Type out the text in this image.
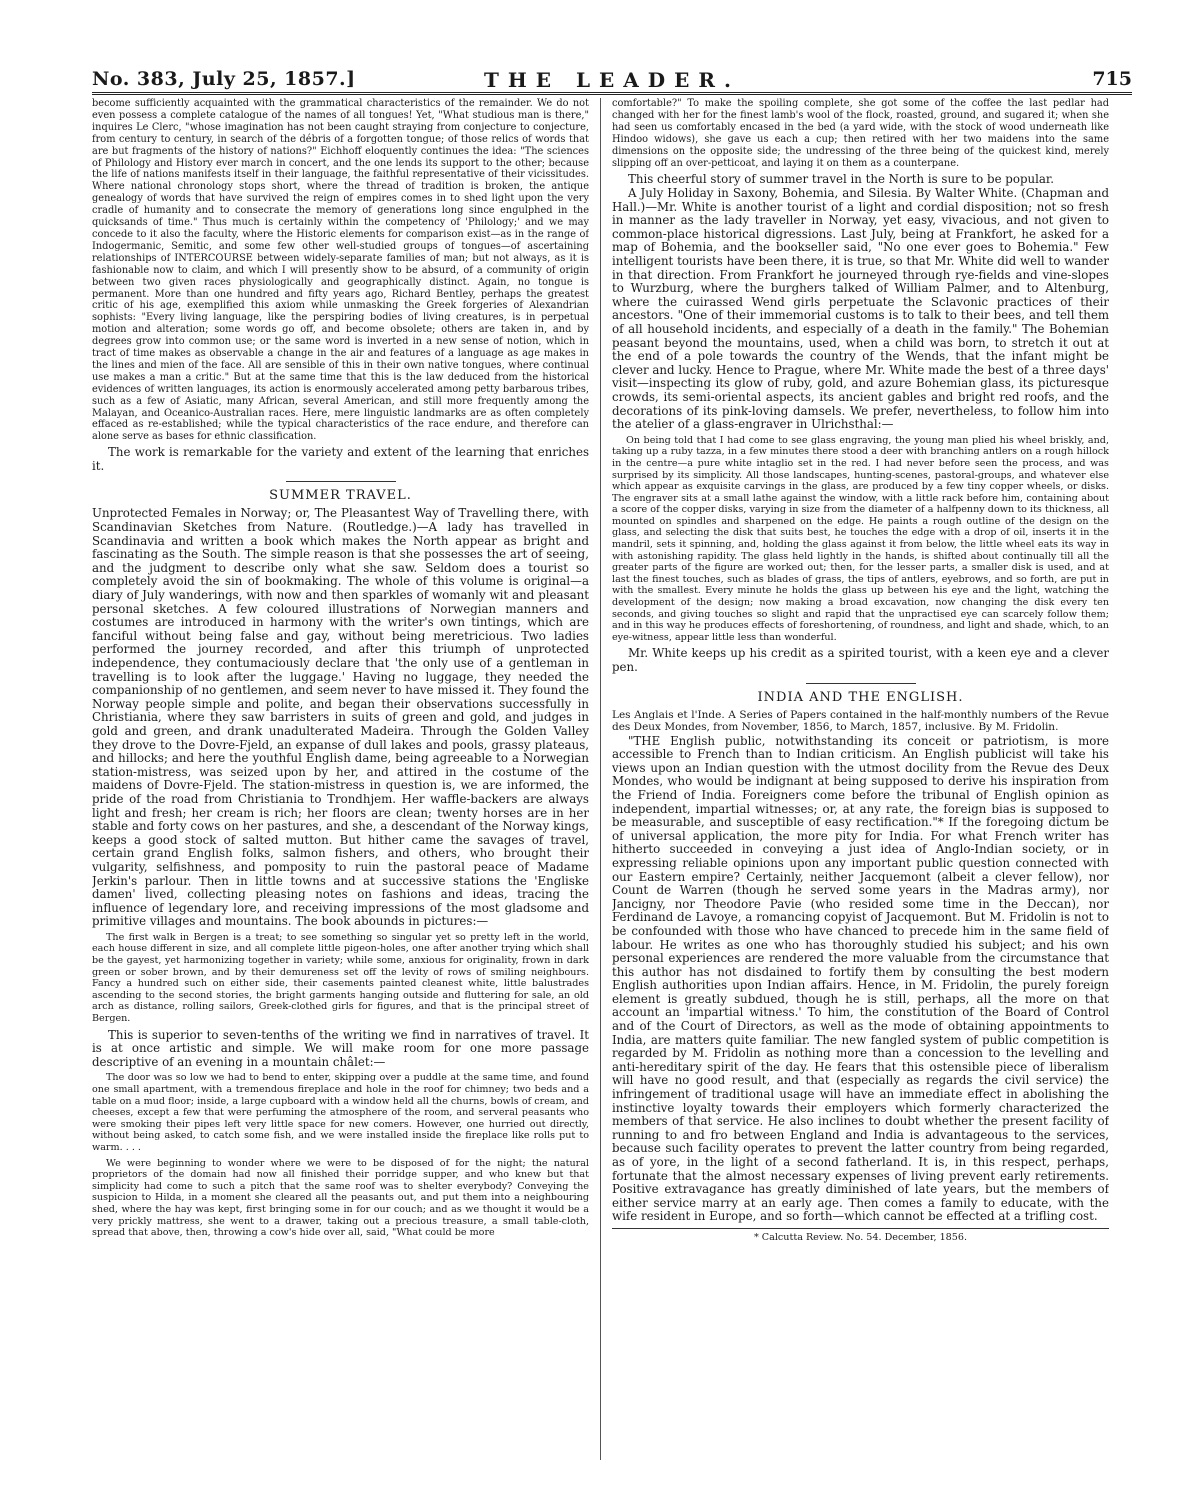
No. 383, July 25, 1857.]	THE LEADER.	715

become sufficiently acquainted with the grammatical characteristics of the remainder. We do not even possess a complete catalogue of the names of all tongues! Yet, "What studious man is there," inquires Le Clerc, "whose imagination has not been caught straying from conjecture to conjecture, from century to century, in search of the débris of a forgotten tongue; of those relics of words that are but fragments of the history of nations?" Eichhoff eloquently continues the idea: "The sciences of Philology and History ever march in concert, and the one lends its support to the other; because the life of nations manifests itself in their language, the faithful representative of their vicissitudes. Where national chronology stops short, where the thread of tradition is broken, the antique genealogy of words that have survived the reign of empires comes in to shed light upon the very cradle of humanity and to consecrate the memory of generations long since engulphed in the quicksands of time." Thus much is certainly within the competency of 'Philology;' and we may concede to it also the faculty, where the Historic elements for comparison exist—as in the range of Indogermanic, Semitic, and some few other well-studied groups of tongues—of ascertaining relationships of INTERCOURSE between widely-separate families of man; but not always, as it is fashionable now to claim, and which I will presently show to be absurd, of a community of origin between two given races physiologically and geographically distinct. Again, no tongue is permanent. More than one hundred and fifty years ago, Richard Bentley, perhaps the greatest critic of his age, exemplified this axiom while unmasking the Greek forgeries of Alexandrian sophists: "Every living language, like the perspiring bodies of living creatures, is in perpetual motion and alteration; some words go off, and become obsolete; others are taken in, and by degrees grow into common use; or the same word is inverted in a new sense of notion, which in tract of time makes as observable a change in the air and features of a language as age makes in the lines and mien of the face. All are sensible of this in their own native tongues, where continual use makes a man a critic." But at the same time that this is the law deduced from the historical evidences of written languages, its action is enormously accelerated among petty barbarous tribes, such as a few of Asiatic, many African, several American, and still more frequently among the Malayan, and Oceanico-Australian races. Here, mere linguistic landmarks are as often completely effaced as re-established; while the typical characteristics of the race endure, and therefore can alone serve as bases for ethnic classification.

The work is remarkable for the variety and extent of the learning that enriches it.

SUMMER TRAVEL.

Unprotected Females in Norway; or, The Pleasantest Way of Travelling there, with Scandinavian Sketches from Nature. (Routledge.)—A lady has travelled in Scandinavia and written a book which makes the North appear as bright and fascinating as the South. The simple reason is that she possesses the art of seeing, and the judgment to describe only what she saw. Seldom does a tourist so completely avoid the sin of bookmaking. The whole of this volume is original—a diary of July wanderings, with now and then sparkles of womanly wit and pleasant personal sketches. A few coloured illustrations of Norwegian manners and costumes are introduced in harmony with the writer's own tintings, which are fanciful without being false and gay, without being meretricious. Two ladies performed the journey recorded, and after this triumph of unprotected independence, they contumaciously declare that 'the only use of a gentleman in travelling is to look after the luggage.' Having no luggage, they needed the companionship of no gentlemen, and seem never to have missed it. They found the Norway people simple and polite, and began their observations successfully in Christiania, where they saw barristers in suits of green and gold, and judges in gold and green, and drank unadulterated Madeira. Through the Golden Valley they drove to the Dovre-Fjeld, an expanse of dull lakes and pools, grassy plateaus, and hillocks; and here the youthful English dame, being agreeable to a Norwegian station-mistress, was seized upon by her, and attired in the costume of the maidens of Dovre-Fjeld. The station-mistress in question is, we are informed, the pride of the road from Christiania to Trondhjem. Her waffle-backers are always light and fresh; her cream is rich; her floors are clean; twenty horses are in her stable and forty cows on her pastures, and she, a descendant of the Norway kings, keeps a good stock of salted mutton. But hither came the savages of travel, certain grand English folks, salmon fishers, and others, who brought their vulgarity, selfishness, and pomposity to ruin the pastoral peace of Madame Jerkin's parlour. Then in little towns and at successive stations the 'Engliske damen' lived, collecting pleasing notes on fashions and ideas, tracing the influence of legendary lore, and receiving impressions of the most gladsome and primitive villages and mountains. The book abounds in pictures:—

The first walk in Bergen is a treat; to see something so singular yet so pretty left in the world, each house different in size, and all complete little pigeon-holes, one after another trying which shall be the gayest, yet harmonizing together in variety; while some, anxious for originality, frown in dark green or sober brown, and by their demureness set off the levity of rows of smiling neighbours. Fancy a hundred such on either side, their casements painted cleanest white, little balustrades ascending to the second stories, the bright garments hanging outside and fluttering for sale, an old arch as distance, rolling sailors, Greek-clothed girls for figures, and that is the principal street of Bergen.

This is superior to seven-tenths of the writing we find in narratives of travel. It is at once artistic and simple. We will make room for one more passage descriptive of an evening in a mountain châlet:—

The door was so low we had to bend to enter, skipping over a puddle at the same time, and found one small apartment, with a tremendous fireplace and hole in the roof for chimney; two beds and a table on a mud floor; inside, a large cupboard with a window held all the churns, bowls of cream, and cheeses, except a few that were perfuming the atmosphere of the room, and serveral peasants who were smoking their pipes left very little space for new comers. However, one hurried out directly, without being asked, to catch some fish, and we were installed inside the fireplace like rolls put to warm. . . .

We were beginning to wonder where we were to be disposed of for the night; the natural proprietors of the domain had now all finished their porridge supper, and who knew but that simplicity had come to such a pitch that the same roof was to shelter everybody? Conveying the suspicion to Hilda, in a moment she cleared all the peasants out, and put them into a neighbouring shed, where the hay was kept, first bringing some in for our couch; and as we thought it would be a very prickly mattress, she went to a drawer, taking out a precious treasure, a small table-cloth, spread that above, then, throwing a cow's hide over all, said, "What could be more

comfortable?" To make the spoiling complete, she got some of the coffee the last pedlar had changed with her for the finest lamb's wool of the flock, roasted, ground, and sugared it; when she had seen us comfortably encased in the bed (a yard wide, with the stock of wood underneath like Hindoo widows), she gave us each a cup; then retired with her two maidens into the same dimensions on the opposite side; the undressing of the three being of the quickest kind, merely slipping off an over-petticoat, and laying it on them as a counterpane.

This cheerful story of summer travel in the North is sure to be popular.

A July Holiday in Saxony, Bohemia, and Silesia. By Walter White. (Chapman and Hall.)—Mr. White is another tourist of a light and cordial disposition; not so fresh in manner as the lady traveller in Norway, yet easy, vivacious, and not given to common-place historical digressions. Last July, being at Frankfort, he asked for a map of Bohemia, and the bookseller said, "No one ever goes to Bohemia." Few intelligent tourists have been there, it is true, so that Mr. White did well to wander in that direction. From Frankfort he journeyed through rye-fields and vine-slopes to Wurzburg, where the burghers talked of William Palmer, and to Altenburg, where the cuirassed Wend girls perpetuate the Sclavonic practices of their ancestors. "One of their immemorial customs is to talk to their bees, and tell them of all household incidents, and especially of a death in the family." The Bohemian peasant beyond the mountains, used, when a child was born, to stretch it out at the end of a pole towards the country of the Wends, that the infant might be clever and lucky. Hence to Prague, where Mr. White made the best of a three days' visit—inspecting its glow of ruby, gold, and azure Bohemian glass, its picturesque crowds, its semi-oriental aspects, its ancient gables and bright red roofs, and the decorations of its pink-loving damsels. We prefer, nevertheless, to follow him into the atelier of a glass-engraver in Ulrichsthal:—

On being told that I had come to see glass engraving, the young man plied his wheel briskly, and, taking up a ruby tazza, in a few minutes there stood a deer with branching antlers on a rough hillock in the centre—a pure white intaglio set in the red. I had never before seen the process, and was surprised by its simplicity. All those landscapes, hunting-scenes, pastoral-groups, and whatever else which appear as exquisite carvings in the glass, are produced by a few tiny copper wheels, or disks. The engraver sits at a small lathe against the window, with a little rack before him, containing about a score of the copper disks, varying in size from the diameter of a halfpenny down to its thickness, all mounted on spindles and sharpened on the edge. He paints a rough outline of the design on the glass, and selecting the disk that suits best, he touches the edge with a drop of oil, inserts it in the mandril, sets it spinning, and, holding the glass against it from below, the little wheel eats its way in with astonishing rapidity. The glass held lightly in the hands, is shifted about continually till all the greater parts of the figure are worked out; then, for the lesser parts, a smaller disk is used, and at last the finest touches, such as blades of grass, the tips of antlers, eyebrows, and so forth, are put in with the smallest. Every minute he holds the glass up between his eye and the light, watching the development of the design; now making a broad excavation, now changing the disk every ten seconds, and giving touches so slight and rapid that the unpractised eye can scarcely follow them; and in this way he produces effects of foreshortening, of roundness, and light and shade, which, to an eye-witness, appear little less than wonderful.

Mr. White keeps up his credit as a spirited tourist, with a keen eye and a clever pen.

INDIA AND THE ENGLISH.

Les Anglais et l'Inde. A Series of Papers contained in the half-monthly numbers of the Revue des Deux Mondes, from November, 1856, to March, 1857, inclusive. By M. Fridolin.

"THE English public, notwithstanding its conceit or patriotism, is more accessible to French than to Indian criticism. An English publicist will take his views upon an Indian question with the utmost docility from the Revue des Deux Mondes, who would be indignant at being supposed to derive his inspiration from the Friend of India. Foreigners come before the tribunal of English opinion as independent, impartial witnesses; or, at any rate, the foreign bias is supposed to be measurable, and susceptible of easy rectification."* If the foregoing dictum be of universal application, the more pity for India. For what French writer has hitherto succeeded in conveying a just idea of Anglo-Indian society, or in expressing reliable opinions upon any important public question connected with our Eastern empire? Certainly, neither Jacquemont (albeit a clever fellow), nor Count de Warren (though he served some years in the Madras army), nor Jancigny, nor Theodore Pavie (who resided some time in the Deccan), nor Ferdinand de Lavoye, a romancing copyist of Jacquemont. But M. Fridolin is not to be confounded with those who have chanced to precede him in the same field of labour. He writes as one who has thoroughly studied his subject; and his own personal experiences are rendered the more valuable from the circumstance that this author has not disdained to fortify them by consulting the best modern English authorities upon Indian affairs. Hence, in M. Fridolin, the purely foreign element is greatly subdued, though he is still, perhaps, all the more on that account an 'impartial witness.' To him, the constitution of the Board of Control and of the Court of Directors, as well as the mode of obtaining appointments to India, are matters quite familiar. The new fangled system of public competition is regarded by M. Fridolin as nothing more than a concession to the levelling and anti-hereditary spirit of the day. He fears that this ostensible piece of liberalism will have no good result, and that (especially as regards the civil service) the infringement of traditional usage will have an immediate effect in abolishing the instinctive loyalty towards their employers which formerly characterized the members of that service. He also inclines to doubt whether the present facility of running to and fro between England and India is advantageous to the services, because such facility operates to prevent the latter country from being regarded, as of yore, in the light of a second fatherland. It is, in this respect, perhaps, fortunate that the almost necessary expenses of living prevent early retirements. Positive extravagance has greatly diminished of late years, but the members of either service marry at an early age. Then comes a family to educate, with the wife resident in Europe, and so forth—which cannot be effected at a trifling cost.

* Calcutta Review. No. 54. December, 1856.
